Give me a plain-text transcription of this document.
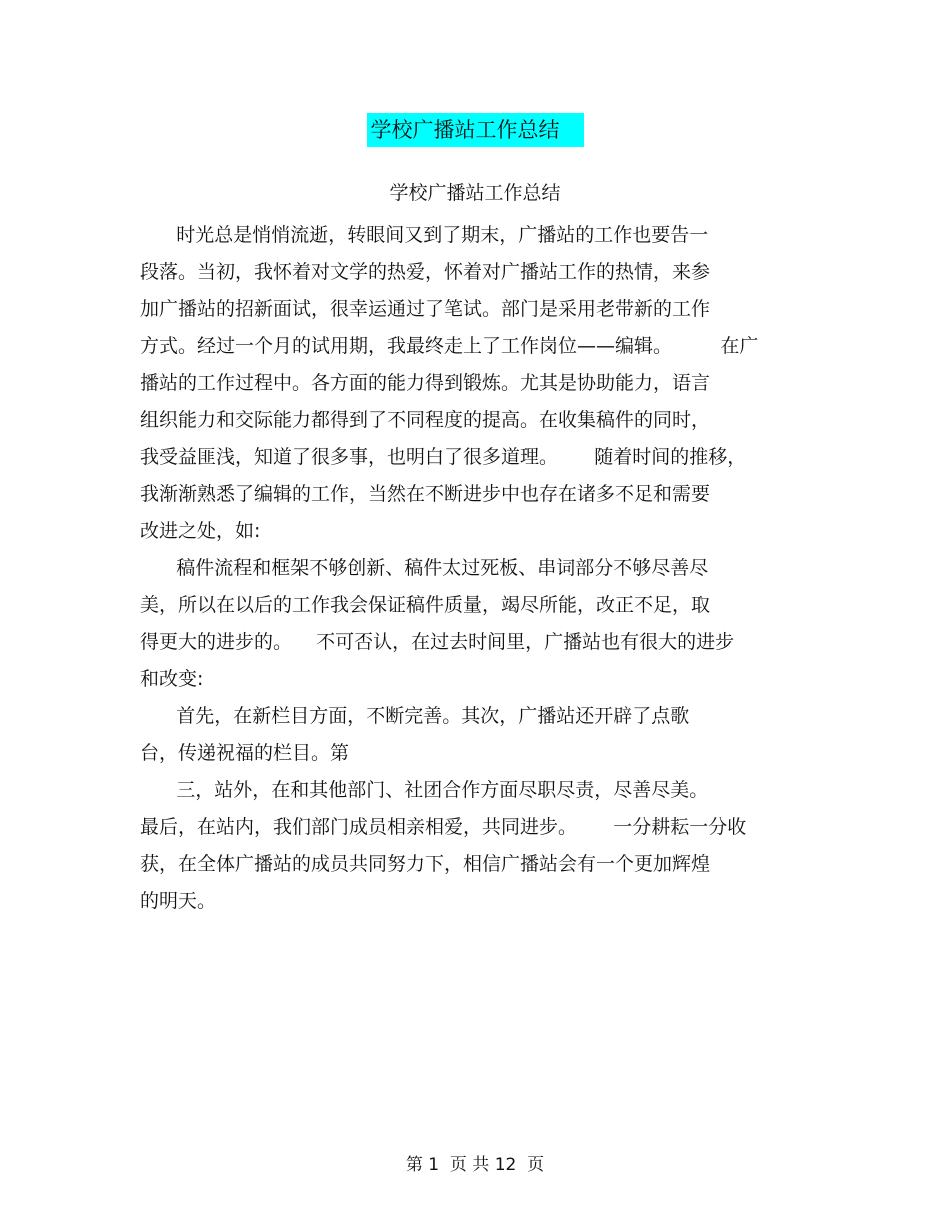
学校广播站工作总结
学校广播站工作总结
时光总是悄悄流逝，转眼间又到了期末，广播站的工作也要告一
段落。当初，我怀着对文学的热爱，怀着对广播站工作的热情，来参
加广播站的招新面试，很幸运通过了笔试。部门是采用老带新的工作
方式。经过一个月的试用期，我最终走上了工作岗位——编辑。        在广
播站的工作过程中。各方面的能力得到锻炼。尤其是协助能力，语言
组织能力和交际能力都得到了不同程度的提高。在收集稿件的同时，
我受益匪浅，知道了很多事，也明白了很多道理。      随着时间的推移，
我渐渐熟悉了编辑的工作，当然在不断进步中也存在诸多不足和需要
改进之处，如:
稿件流程和框架不够创新、稿件太过死板、串词部分不够尽善尽
美，所以在以后的工作我会保证稿件质量，竭尽所能，改正不足，取
得更大的进步的。    不可否认，在过去时间里，广播站也有很大的进步
和改变:
首先，在新栏目方面，不断完善。其次，广播站还开辟了点歌
台，传递祝福的栏目。第
三，站外，在和其他部门、社团合作方面尽职尽责，尽善尽美。
最后，在站内，我们部门成员相亲相爱，共同进步。      一分耕耘一分收
获，在全体广播站的成员共同努力下，相信广播站会有一个更加辉煌
的明天。
第 1  页 共 12  页
